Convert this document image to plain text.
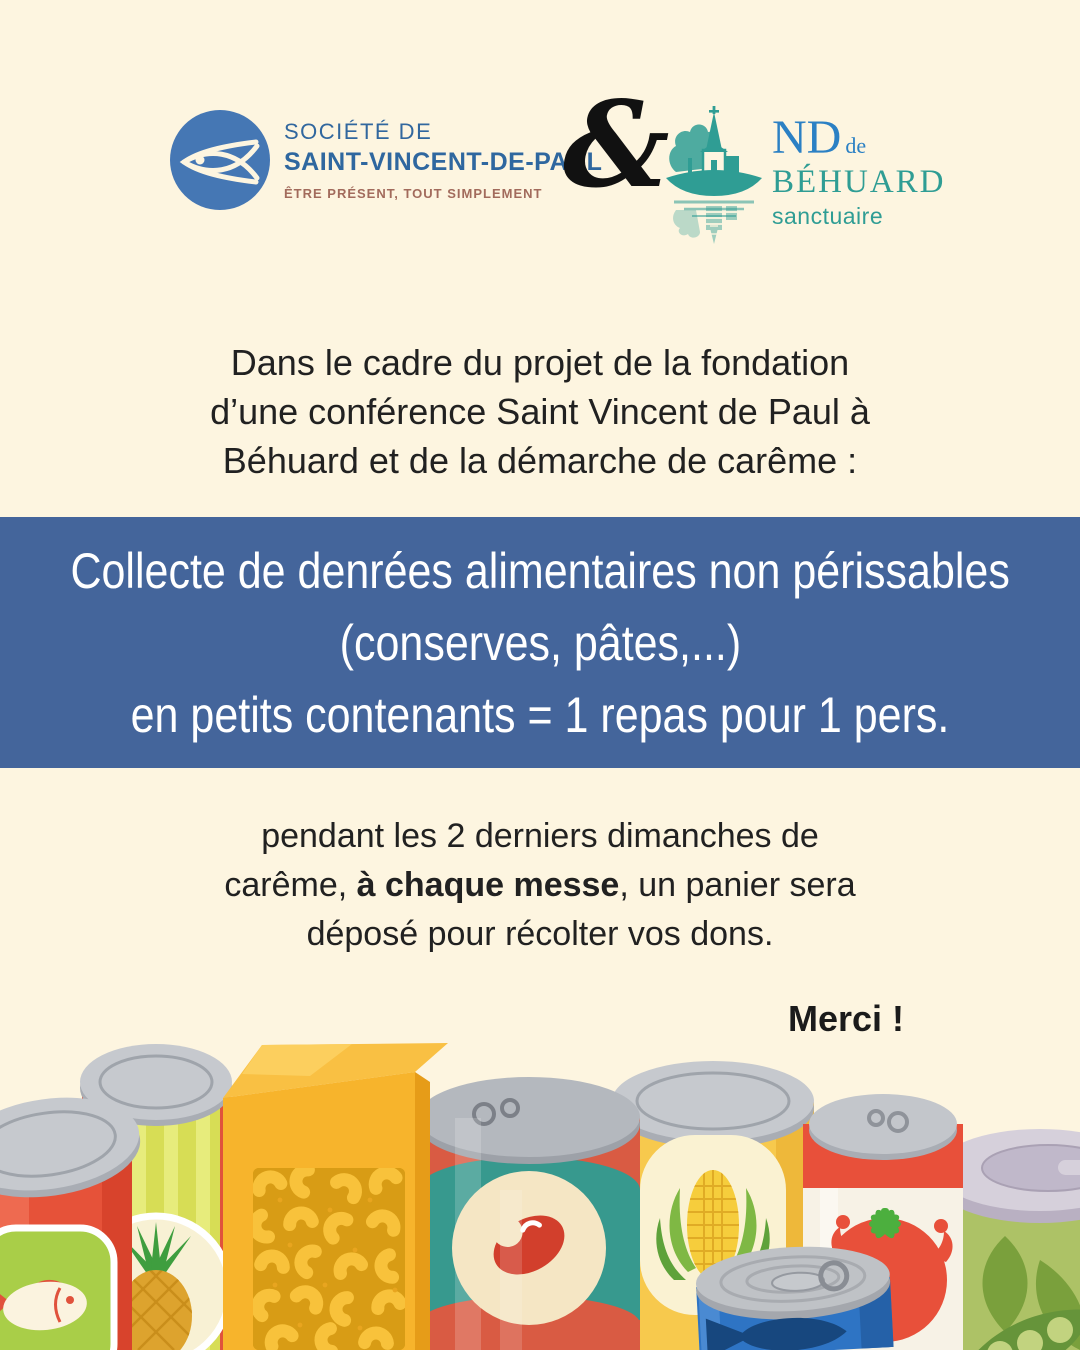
SOCIÉTÉ DE
SAINT-VINCENT-DE-PAUL
ÊTRE PRÉSENT, TOUT SIMPLEMENT & ND de
BÉHUARD
sanctuaire
Dans le cadre du projet de la fondation
d’une conférence Saint Vincent de Paul à
Béhuard et de la démarche de carême :
Collecte de denrées alimentaires non périssables
(conserves, pâtes,...)
en petits contenants = 1 repas pour 1 pers.
pendant les 2 derniers dimanches de
carême, à chaque messe, un panier sera
déposé pour récolter vos dons.
Merci !
